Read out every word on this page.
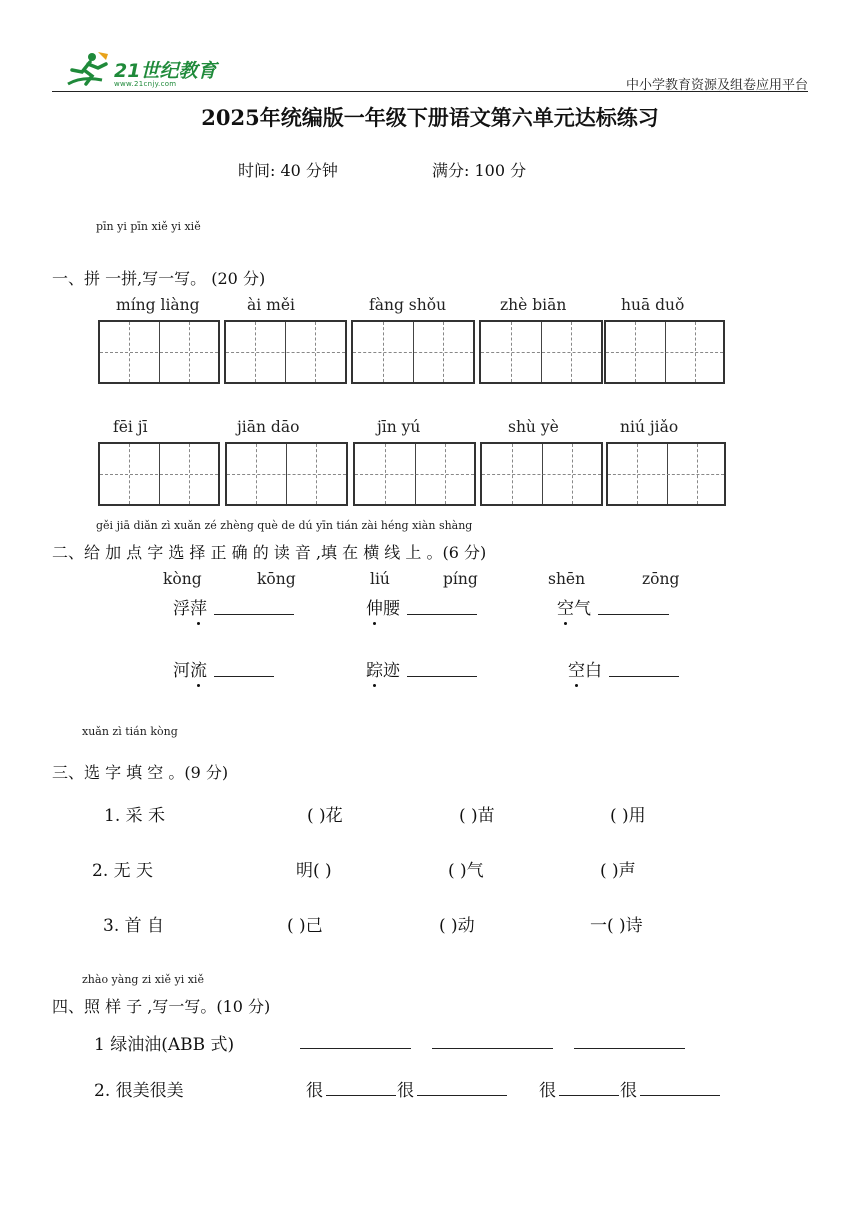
21世纪教育
www.21cnjy.com	中小学教育资源及组卷应用平台
2025年统编版一年级下册语文第六单元达标练习
时间: 40 分钟	满分: 100 分
pīn yi pīn xiě yi xiě
一、拼 一拼,写一写。 (20 分)
míng liàng	ài měi	fàng shǒu	zhè biān	huā duǒ
fēi jī	jiān dāo	jīn yú	shù yè	niú jiǎo
gěi jiā diǎn zì xuǎn zé zhèng què de dú yīn tián zài héng xiàn shàng
二、给 加 点 字 选 择 正 确 的 读 音 ,填 在 横 线 上 。(6 分)
kòng	kōng	liú	píng	shēn	zōng
浮萍	伸腰	空气
河流	踪迹	空白
xuǎn zì tián kòng
三、选 字 填 空 。(9 分)
1. 采 禾	( )花	( )苗	( )用
2. 无 天	明( )	( )气	( )声
3. 首 自	( )己	( )动	一( )诗
zhào yàng zi xiě yi xiě
四、照 样 子 ,写一写。(10 分)
1 绿油油(ABB 式)
2. 很美很美	很	很	很	很
